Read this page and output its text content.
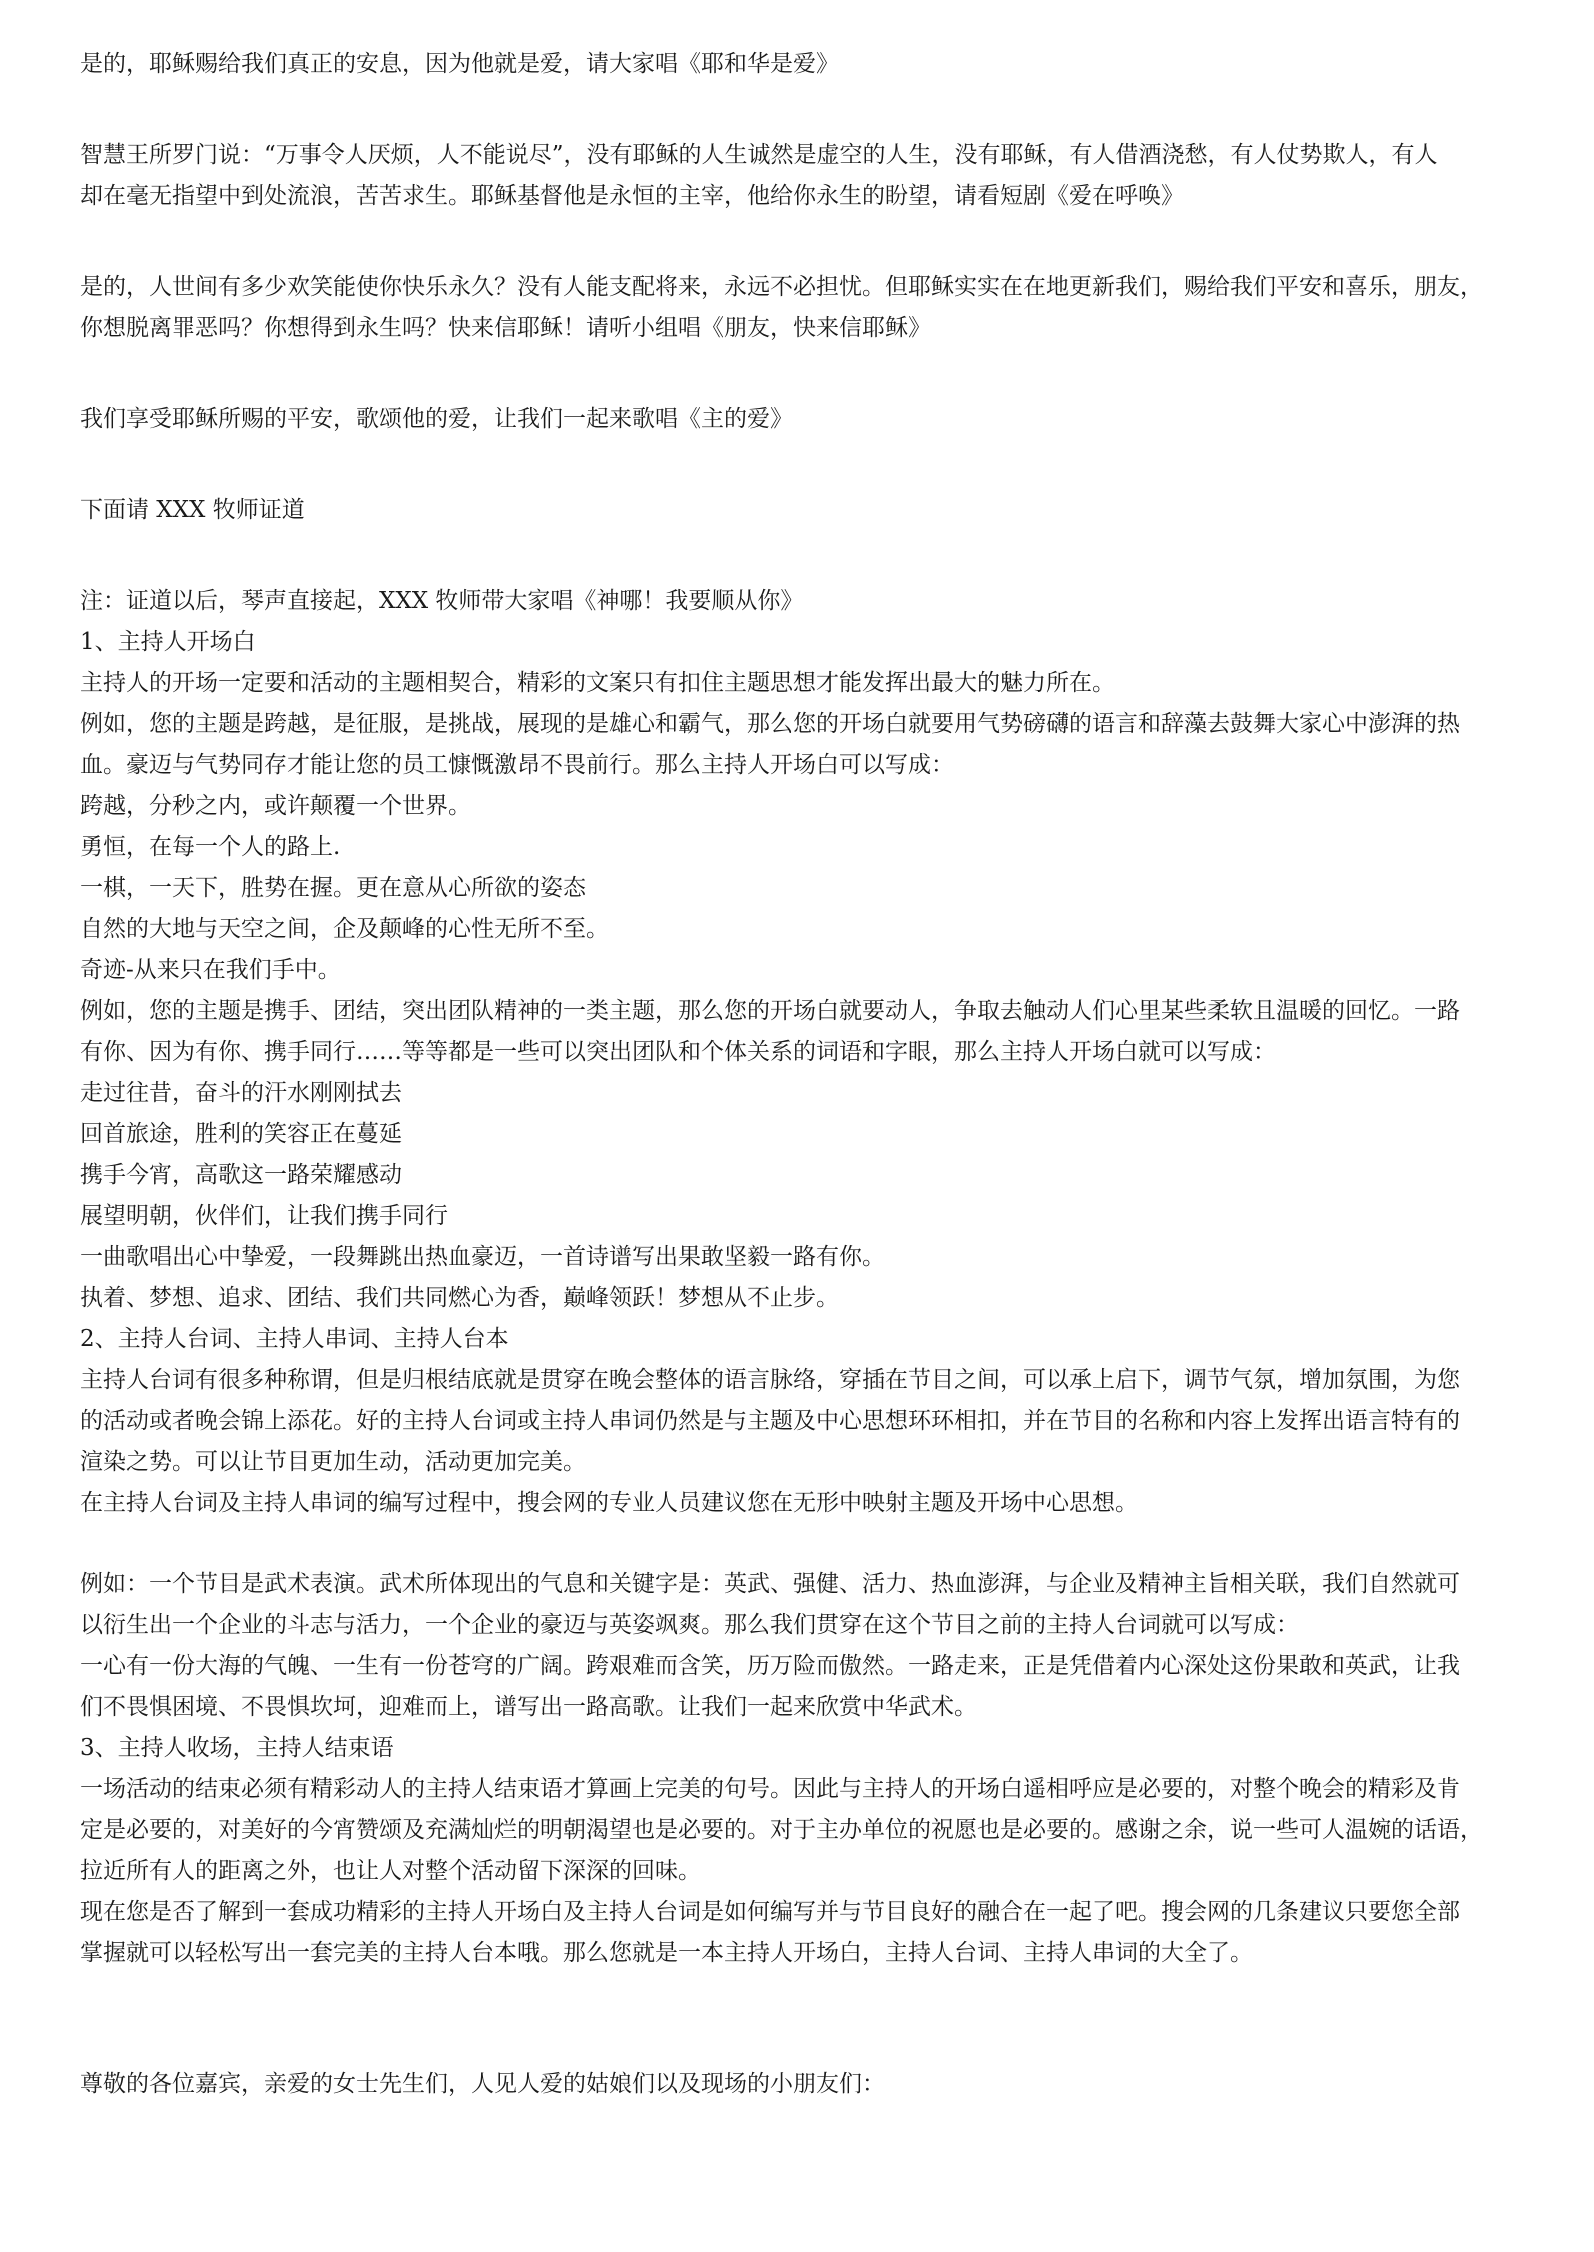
是的，耶稣赐给我们真正的安息，因为他就是爱，请大家唱《耶和华是爱》
智慧王所罗门说：“万事令人厌烦，人不能说尽”，没有耶稣的人生诚然是虚空的人生，没有耶稣，有人借酒浇愁，有人仗势欺人，有人
却在毫无指望中到处流浪，苦苦求生。耶稣基督他是永恒的主宰，他给你永生的盼望，请看短剧《爱在呼唤》
是的，人世间有多少欢笑能使你快乐永久？没有人能支配将来，永远不必担忧。但耶稣实实在在地更新我们，赐给我们平安和喜乐，朋友，
你想脱离罪恶吗？你想得到永生吗？快来信耶稣！请听小组唱《朋友，快来信耶稣》
我们享受耶稣所赐的平安，歌颂他的爱，让我们一起来歌唱《主的爱》
下面请 XXX 牧师证道
注：证道以后，琴声直接起，XXX 牧师带大家唱《神哪！我要顺从你》
1、主持人开场白
主持人的开场一定要和活动的主题相契合，精彩的文案只有扣住主题思想才能发挥出最大的魅力所在。
例如，您的主题是跨越，是征服，是挑战，展现的是雄心和霸气，那么您的开场白就要用气势磅礴的语言和辞藻去鼓舞大家心中澎湃的热
血。豪迈与气势同存才能让您的员工慷慨激昂不畏前行。那么主持人开场白可以写成：
跨越，分秒之内，或许颠覆一个世界。
勇恒，在每一个人的路上.
一棋，一天下，胜势在握。更在意从心所欲的姿态
自然的大地与天空之间，企及颠峰的心性无所不至。
奇迹-从来只在我们手中。
例如，您的主题是携手、团结，突出团队精神的一类主题，那么您的开场白就要动人，争取去触动人们心里某些柔软且温暖的回忆。一路
有你、因为有你、携手同行……等等都是一些可以突出团队和个体关系的词语和字眼，那么主持人开场白就可以写成：
走过往昔，奋斗的汗水刚刚拭去
回首旅途，胜利的笑容正在蔓延
携手今宵，高歌这一路荣耀感动
展望明朝，伙伴们，让我们携手同行
一曲歌唱出心中挚爱，一段舞跳出热血豪迈，一首诗谱写出果敢坚毅一路有你。
执着、梦想、追求、团结、我们共同燃心为香，巅峰领跃！梦想从不止步。
2、主持人台词、主持人串词、主持人台本
主持人台词有很多种称谓，但是归根结底就是贯穿在晚会整体的语言脉络，穿插在节目之间，可以承上启下，调节气氛，增加氛围，为您
的活动或者晚会锦上添花。好的主持人台词或主持人串词仍然是与主题及中心思想环环相扣，并在节目的名称和内容上发挥出语言特有的
渲染之势。可以让节目更加生动，活动更加完美。
在主持人台词及主持人串词的编写过程中，搜会网的专业人员建议您在无形中映射主题及开场中心思想。
例如：一个节目是武术表演。武术所体现出的气息和关键字是：英武、强健、活力、热血澎湃，与企业及精神主旨相关联，我们自然就可
以衍生出一个企业的斗志与活力，一个企业的豪迈与英姿飒爽。那么我们贯穿在这个节目之前的主持人台词就可以写成：
一心有一份大海的气魄、一生有一份苍穹的广阔。跨艰难而含笑，历万险而傲然。一路走来，正是凭借着内心深处这份果敢和英武，让我
们不畏惧困境、不畏惧坎坷，迎难而上，谱写出一路高歌。让我们一起来欣赏中华武术。
3、主持人收场，主持人结束语
一场活动的结束必须有精彩动人的主持人结束语才算画上完美的句号。因此与主持人的开场白遥相呼应是必要的，对整个晚会的精彩及肯
定是必要的，对美好的今宵赞颂及充满灿烂的明朝渴望也是必要的。对于主办单位的祝愿也是必要的。感谢之余，说一些可人温婉的话语，
拉近所有人的距离之外，也让人对整个活动留下深深的回味。
现在您是否了解到一套成功精彩的主持人开场白及主持人台词是如何编写并与节目良好的融合在一起了吧。搜会网的几条建议只要您全部
掌握就可以轻松写出一套完美的主持人台本哦。那么您就是一本主持人开场白，主持人台词、主持人串词的大全了。
尊敬的各位嘉宾，亲爱的女士先生们，人见人爱的姑娘们以及现场的小朋友们：
